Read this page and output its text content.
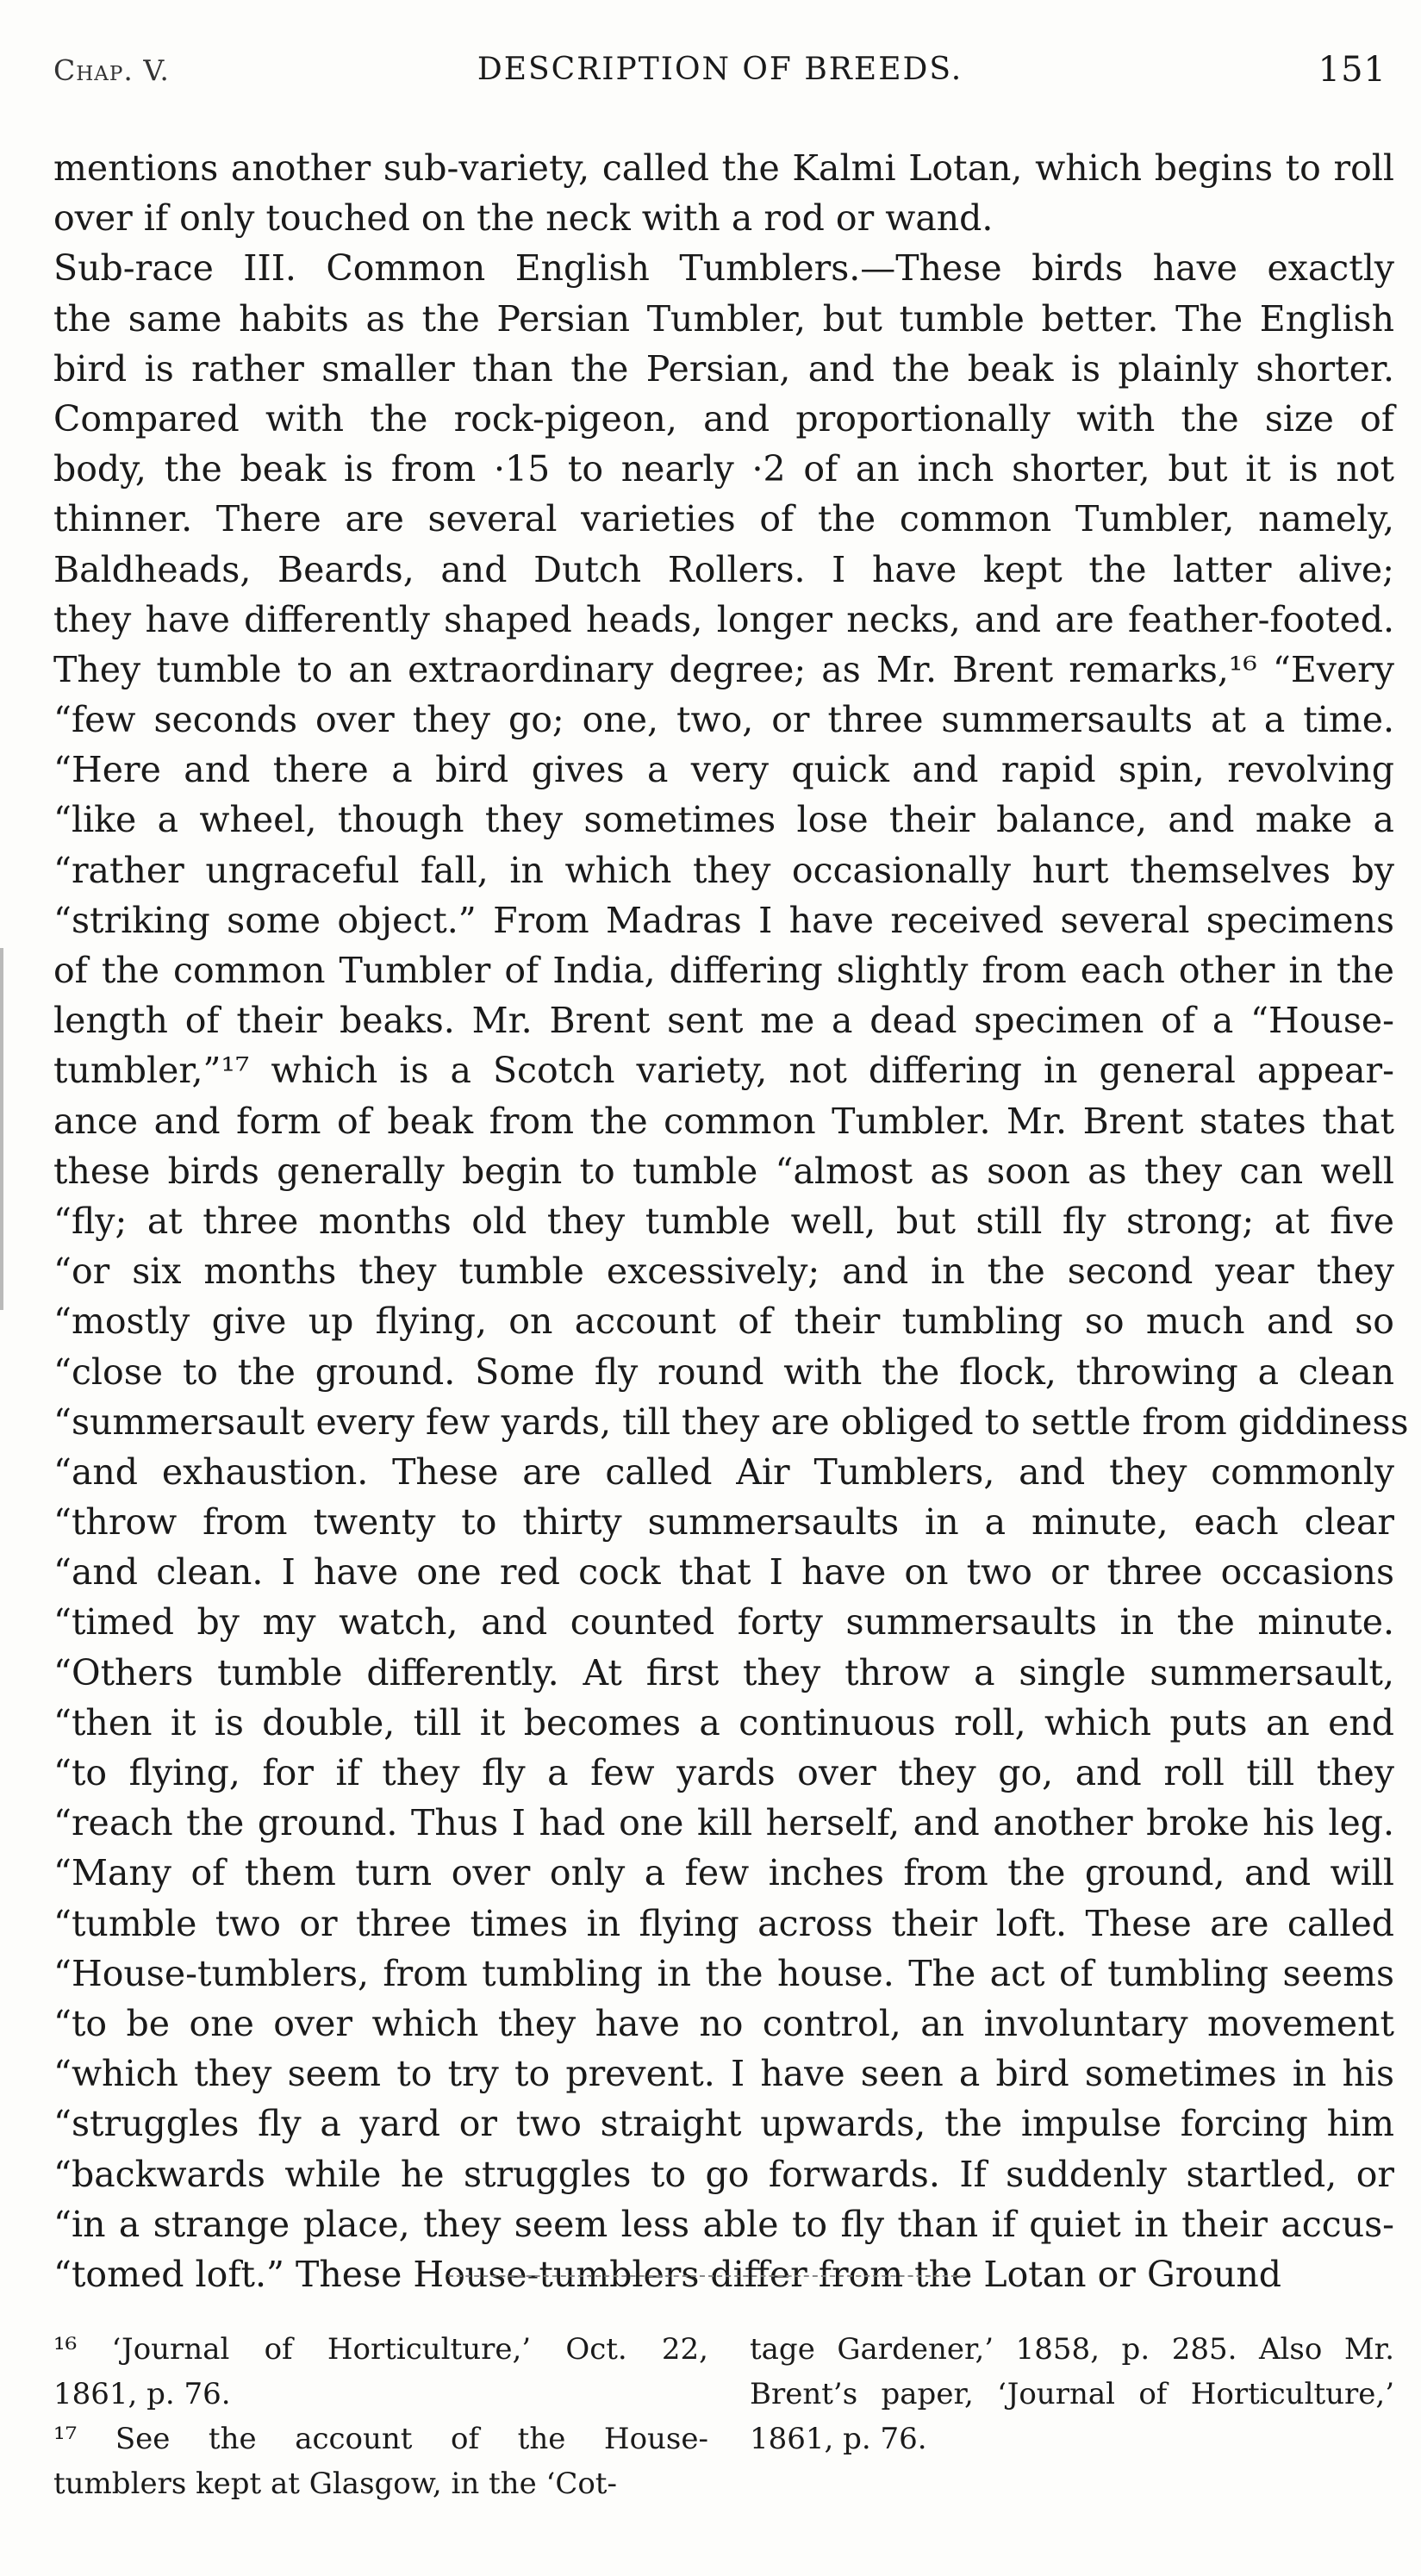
Chap. V.	DESCRIPTION OF BREEDS.	151
mentions another sub-variety, called the Kalmi Lotan, which begins to roll
over if only touched on the neck with a rod or wand.
Sub-race III. Common English Tumblers.—These birds have exactly
the same habits as the Persian Tumbler, but tumble better. The English
bird is rather smaller than the Persian, and the beak is plainly shorter.
Compared with the rock-pigeon, and proportionally with the size of
body, the beak is from ·15 to nearly ·2 of an inch shorter, but it is not
thinner. There are several varieties of the common Tumbler, namely,
Baldheads, Beards, and Dutch Rollers. I have kept the latter alive;
they have differently shaped heads, longer necks, and are feather-footed.
They tumble to an extraordinary degree; as Mr. Brent remarks,¹⁶ “Every
“few seconds over they go; one, two, or three summersaults at a time.
“Here and there a bird gives a very quick and rapid spin, revolving
“like a wheel, though they sometimes lose their balance, and make a
“rather ungraceful fall, in which they occasionally hurt themselves by
“striking some object.” From Madras I have received several specimens
of the common Tumbler of India, differing slightly from each other in the
length of their beaks. Mr. Brent sent me a dead specimen of a “House-
tumbler,”¹⁷ which is a Scotch variety, not differing in general appear-
ance and form of beak from the common Tumbler. Mr. Brent states that
these birds generally begin to tumble “almost as soon as they can well
“fly; at three months old they tumble well, but still fly strong; at five
“or six months they tumble excessively; and in the second year they
“mostly give up flying, on account of their tumbling so much and so
“close to the ground. Some fly round with the flock, throwing a clean
“summersault every few yards, till they are obliged to settle from giddiness
“and exhaustion. These are called Air Tumblers, and they commonly
“throw from twenty to thirty summersaults in a minute, each clear
“and clean. I have one red cock that I have on two or three occasions
“timed by my watch, and counted forty summersaults in the minute.
“Others tumble differently. At first they throw a single summersault,
“then it is double, till it becomes a continuous roll, which puts an end
“to flying, for if they fly a few yards over they go, and roll till they
“reach the ground. Thus I had one kill herself, and another broke his leg.
“Many of them turn over only a few inches from the ground, and will
“tumble two or three times in flying across their loft. These are called
“House-tumblers, from tumbling in the house. The act of tumbling seems
“to be one over which they have no control, an involuntary movement
“which they seem to try to prevent. I have seen a bird sometimes in his
“struggles fly a yard or two straight upwards, the impulse forcing him
“backwards while he struggles to go forwards. If suddenly startled, or
“in a strange place, they seem less able to fly than if quiet in their accus-
“tomed loft.” These House-tumblers differ from the Lotan or Ground
¹⁶ ‘Journal of Horticulture,’ Oct. 22,
1861, p. 76.
¹⁷ See the account of the House-
tumblers kept at Glasgow, in the ‘Cot-
tage Gardener,’ 1858, p. 285. Also Mr.
Brent’s paper, ‘Journal of Horticulture,’
1861, p. 76.
